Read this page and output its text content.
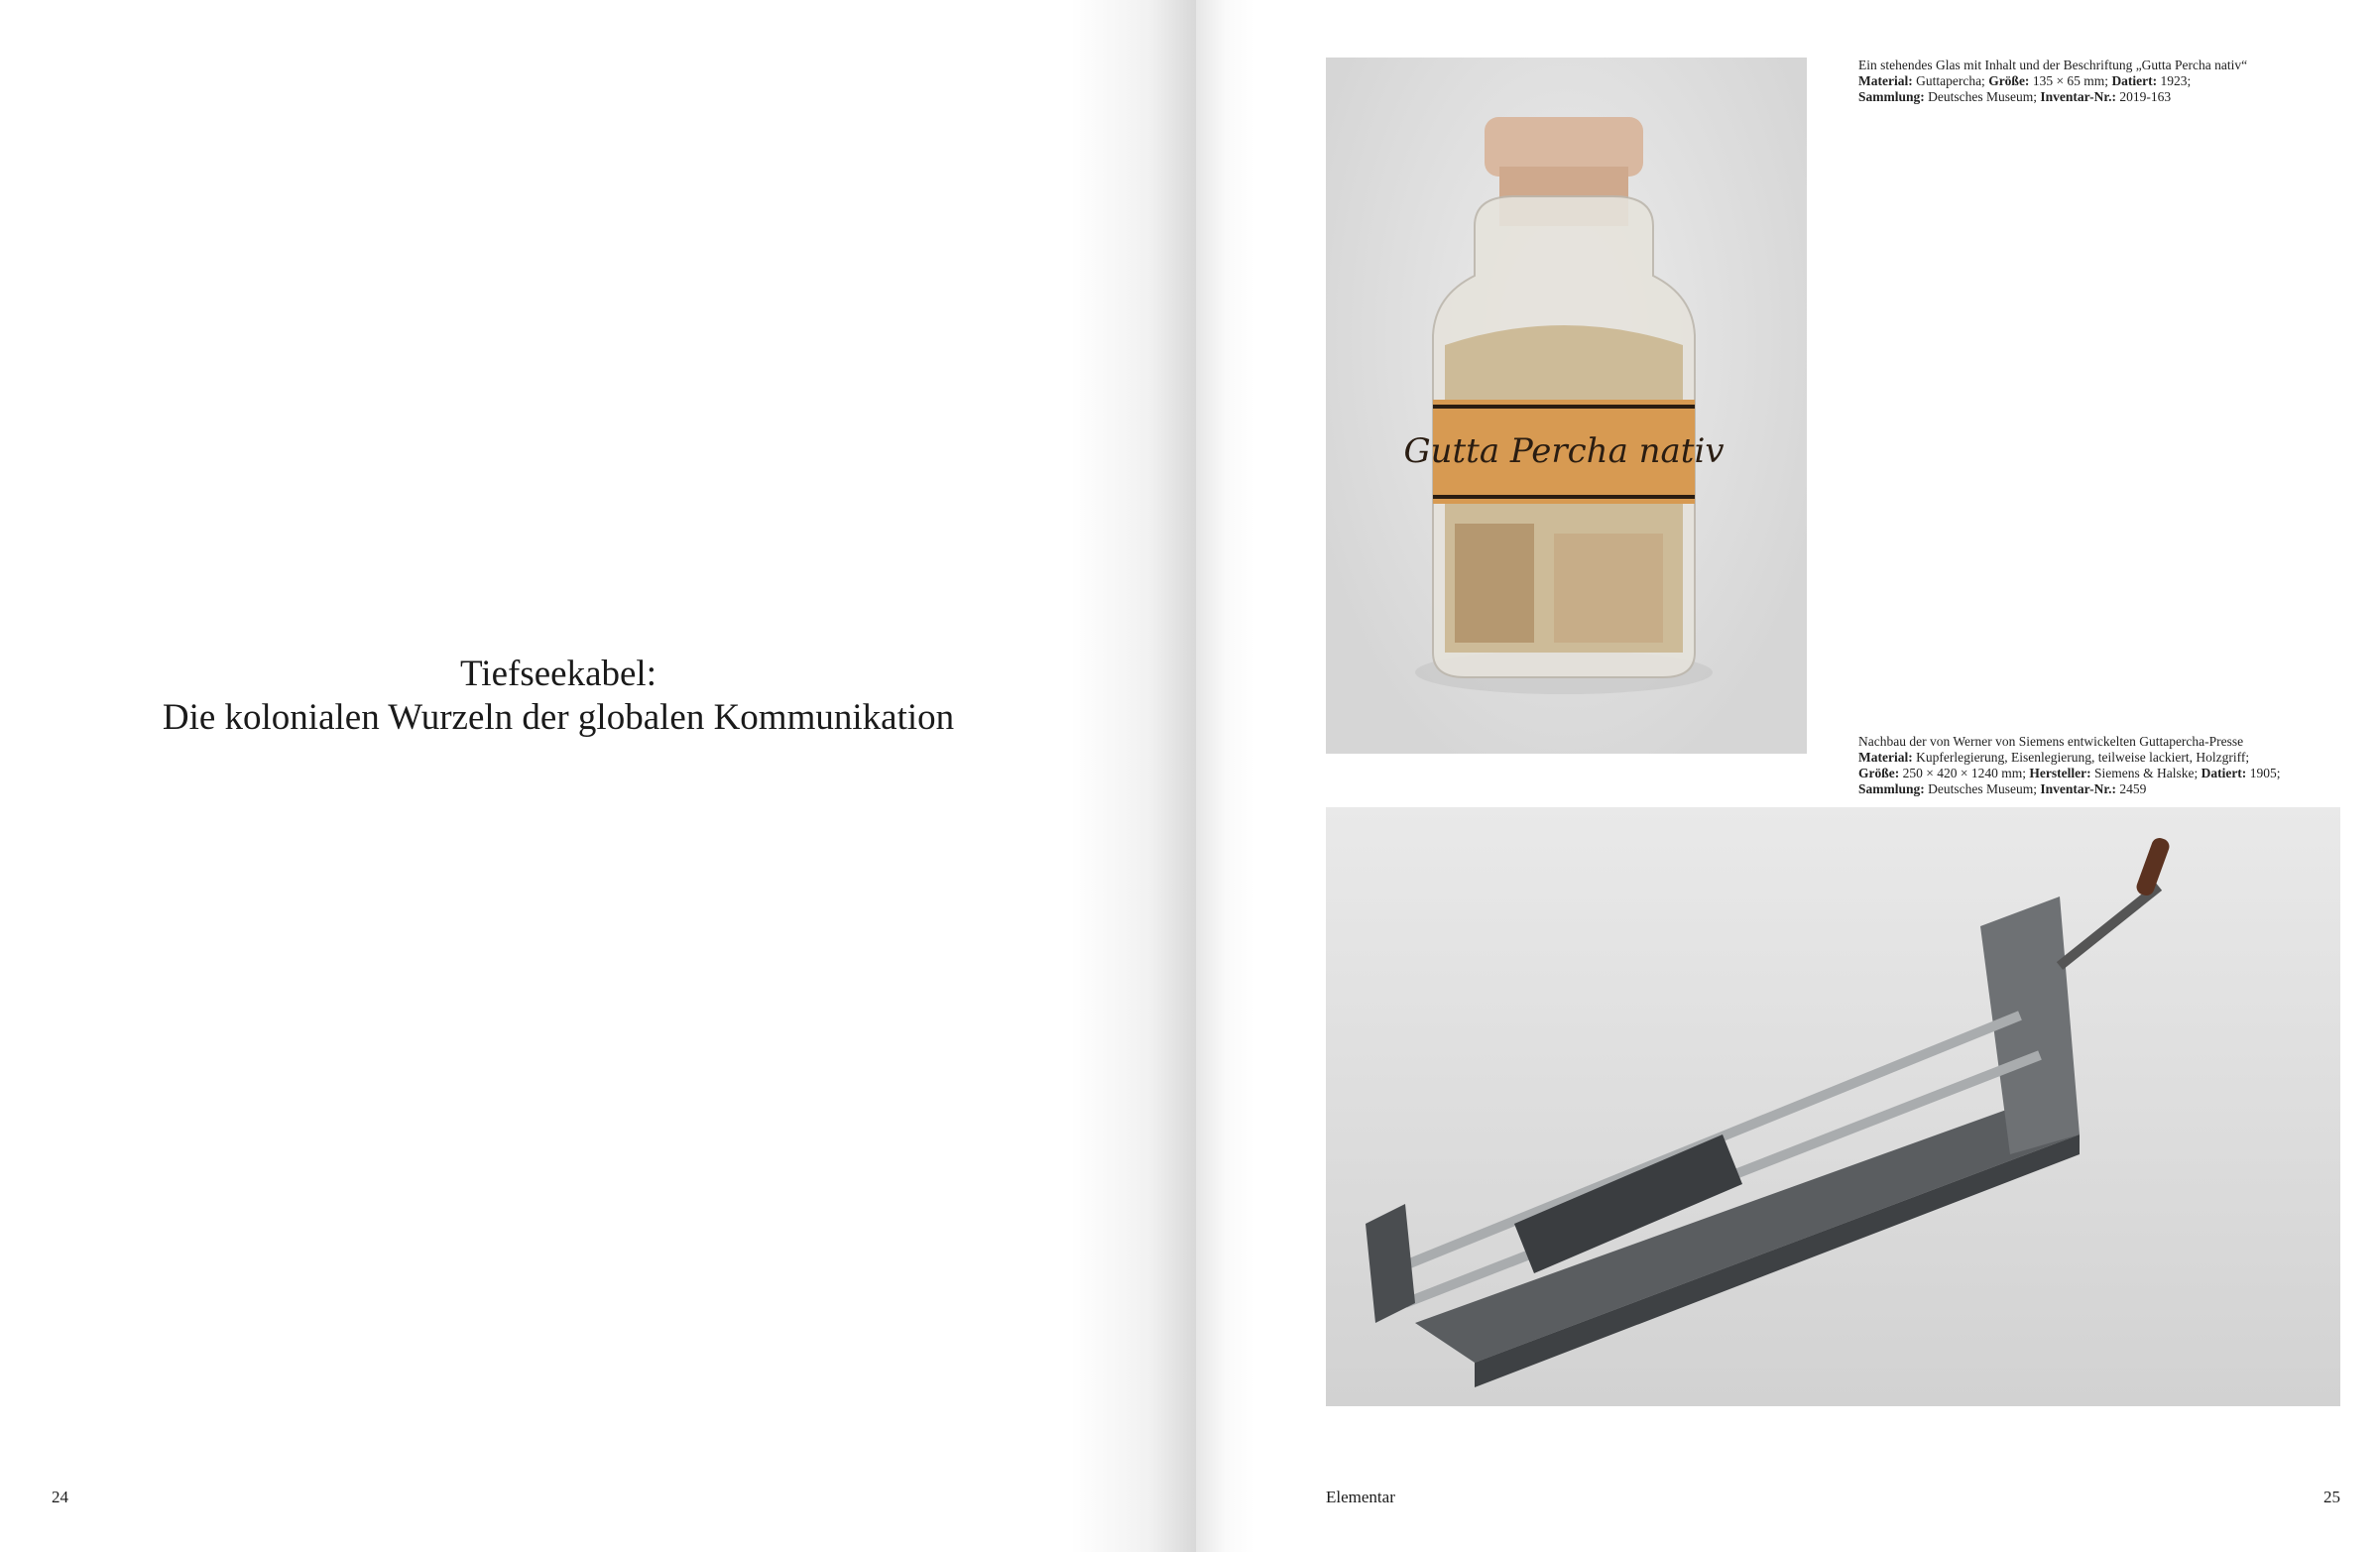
Tiefseekabel:
Die kolonialen Wurzeln der globalen Kommunikation
24
Gutta Percha nativ
Ein stehendes Glas mit Inhalt und der Beschriftung „Gutta Percha nativ“
Material: Guttapercha; Größe: 135 × 65 mm; Datiert: 1923;
Sammlung: Deutsches Museum; Inventar-Nr.: 2019-163
Nachbau der von Werner von Siemens entwickelten Guttapercha-Presse
Material: Kupferlegierung, Eisenlegierung, teilweise lackiert, Holzgriff;
Größe: 250 × 420 × 1240 mm; Hersteller: Siemens & Halske; Datiert: 1905;
Sammlung: Deutsches Museum; Inventar-Nr.: 2459
Elementar	25
